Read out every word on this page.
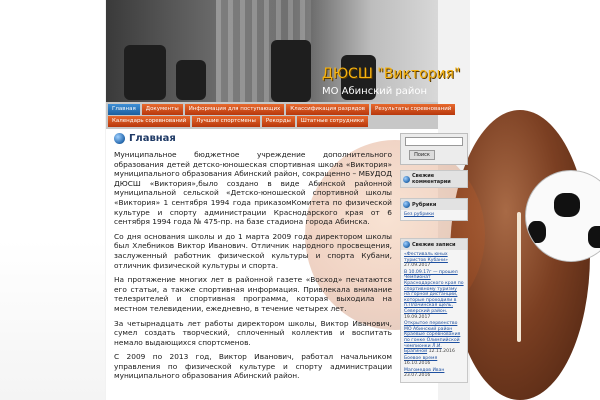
ДЮСШ "Виктория"
МО Абинский район
Главная	Документы	Информация для поступающих	Классификация разрядов	Результаты соревнований
Календарь соревнований	Лучшие спортсмены	Рекорды	Штатные сотрудники
Главная

Муниципальное бюджетное учреждение дополнительного образования детей детско-юношеская спортивная школа «Виктория» муниципального образования Абинский район, сокращенно – МБУДОД ДЮСШ «Виктория»,было создано в виде Абинской районной муниципальной сельской «Детско-юношеской спортивной школы «Виктория» 1 сентября 1994 года приказомКомитета по физической культуре и спорту администрации Краснодарского края от 6 сентября 1994 года № 475-пр. на базе стадиона города Абинска.

Со дня основания школы и до 1 марта 2009 года директором школы был Хлебников Виктор Иванович. Отличник народного просвещения, заслуженный работник физической культуры и спорта Кубани, отличник физической культуры и спорта.

На протяжение многих лет в районной газете «Восход» печатаются его статьи, а также спортивная информация. Привлекала внимание телезрителей и спортивная программа, которая выходила на местном телевидении, ежедневно, в течение четырех лет.

За четырнадцать лет работы директором школы, Виктор Иванович, сумел создать творческий, сплоченный коллектив и воспитать немало выдающихся спортсменов.

С 2009 по 2013 год, Виктор Иванович, работал начальником управления по физической культуре и спорту администрации муниципального образования Абинский район.

Поиск
Свежие комментарии
Рубрики
Без рубрики
Свежие записи
«Фестиваль юных туристов Кубани» 27.09.2017
В 10.09.17г — прошел Чемпионат Краснодарского края по спортивному туризму на горной дистанции, которые проходили в п.Плачинская щель, Северский район. 19.09.2017
Открытое первенство МО Абинский район Краевые соревнования по гонке Олимпийской чемпионки Л.И. Брагиной 12.11.2016
Боевое время 16.10.2016
Магомедов Иван 23.07.2016
